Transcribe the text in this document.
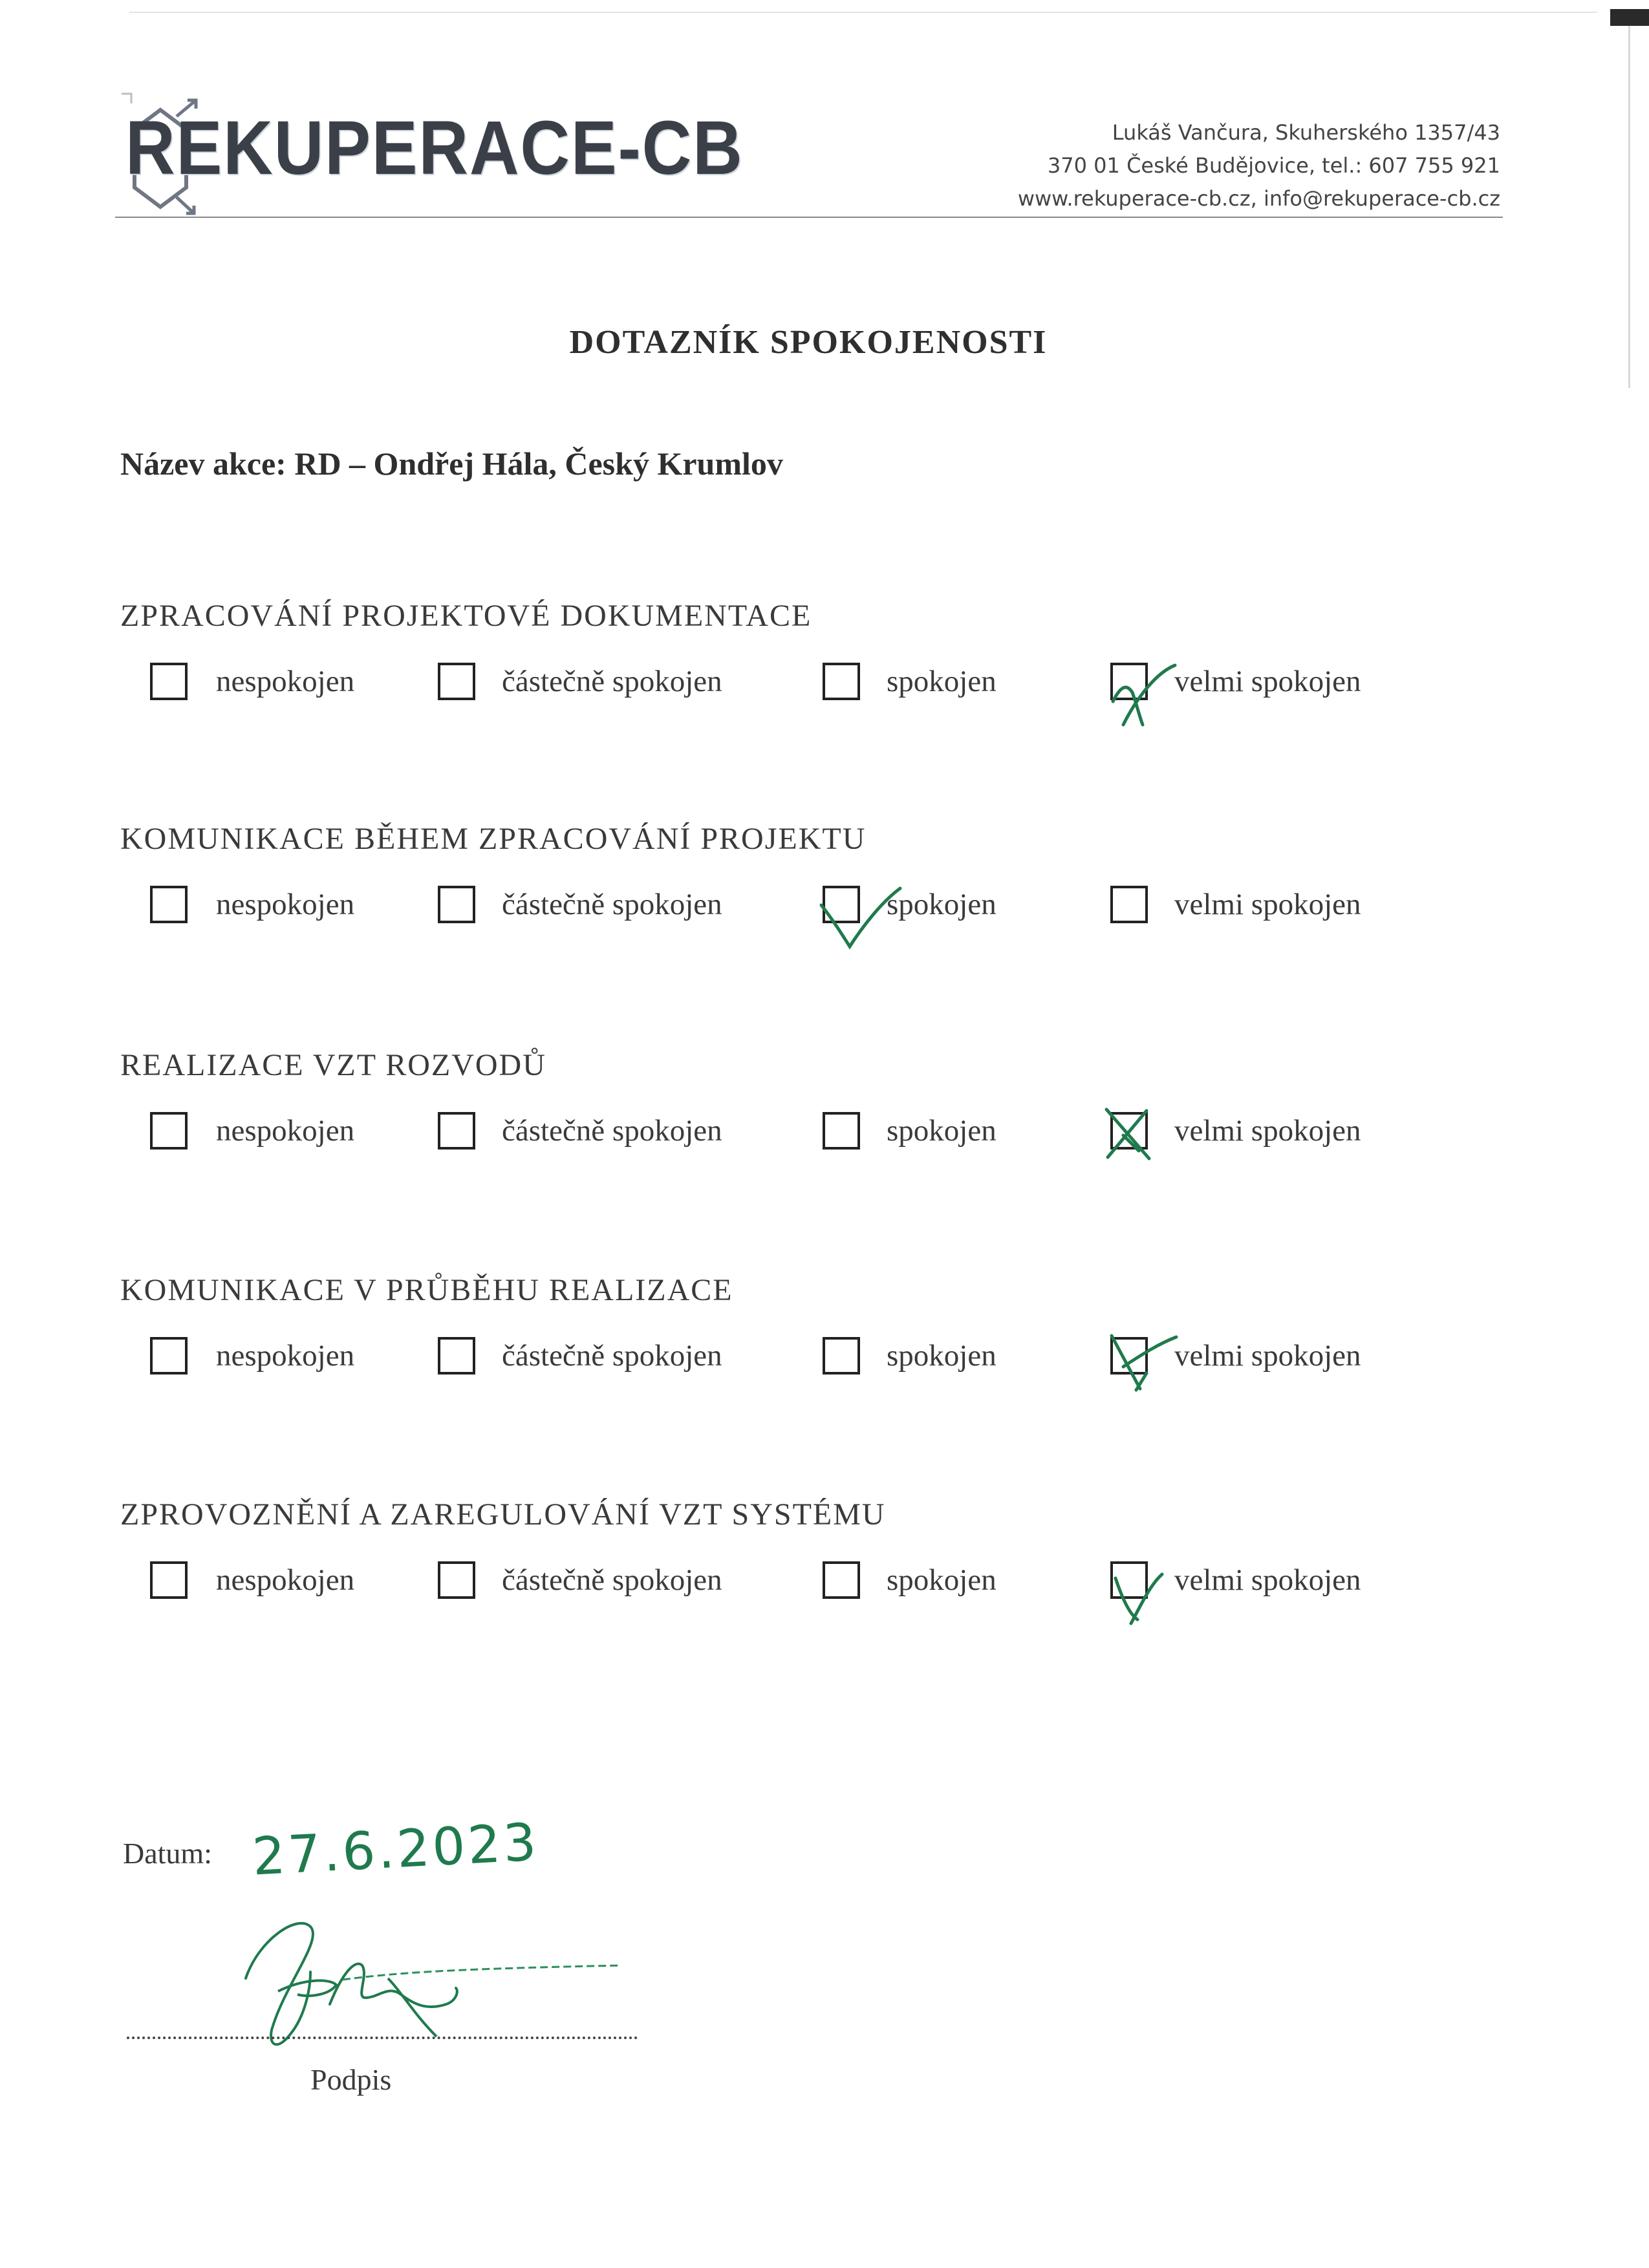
REKUPERACE-CB	Lukáš Vančura, Skuherského 1357/43
370 01 České Budějovice, tel.: 607 755 921
www.rekuperace-cb.cz, info@rekuperace-cb.cz
DOTAZNÍK SPOKOJENOSTI
Název akce: RD – Ondřej Hála, Český Krumlov
ZPRACOVÁNÍ PROJEKTOVÉ DOKUMENTACE
nespokojen	částečně spokojen	spokojen	velmi spokojen
KOMUNIKACE BĚHEM ZPRACOVÁNÍ PROJEKTU
nespokojen	částečně spokojen	spokojen	velmi spokojen
REALIZACE VZT ROZVODŮ
nespokojen	částečně spokojen	spokojen	velmi spokojen
KOMUNIKACE V PRŮBĚHU REALIZACE
nespokojen	částečně spokojen	spokojen	velmi spokojen
ZPROVOZNĚNÍ A ZAREGULOVÁNÍ VZT SYSTÉMU
nespokojen	částečně spokojen	spokojen	velmi spokojen
Datum: 27.6.2023
Podpis
